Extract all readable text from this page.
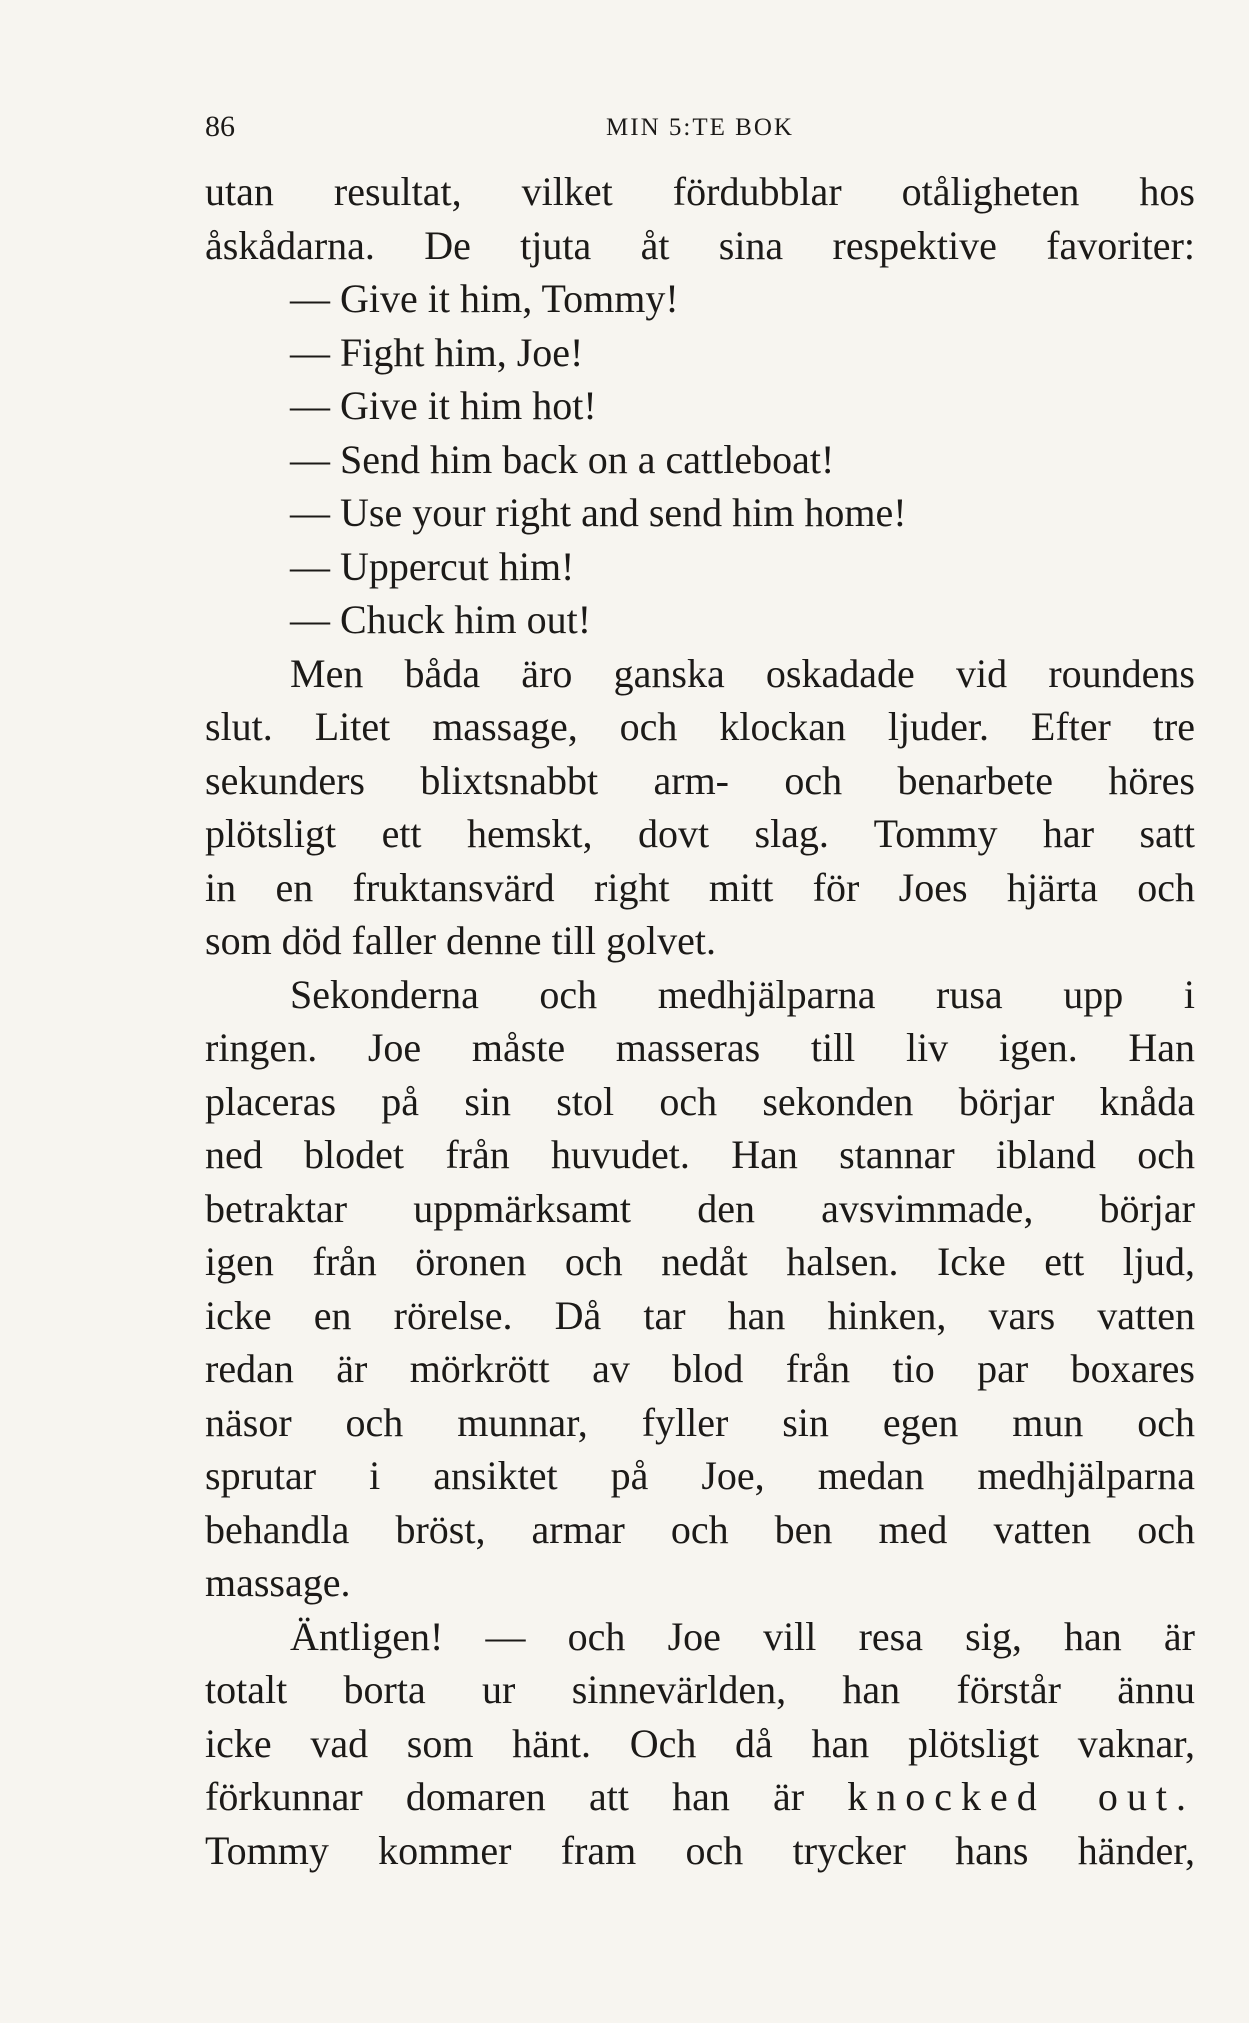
86	MIN 5:TE BOK
utan resultat, vilket fördubblar otåligheten hos
åskådarna. De tjuta åt sina respektive favoriter:
— Give it him, Tommy!
— Fight him, Joe!
— Give it him hot!
— Send him back on a cattleboat!
— Use your right and send him home!
— Uppercut him!
— Chuck him out!
Men båda äro ganska oskadade vid roundens
slut. Litet massage, och klockan ljuder. Efter tre
sekunders blixtsnabbt arm- och benarbete höres
plötsligt ett hemskt, dovt slag. Tommy har satt
in en fruktansvärd right mitt för Joes hjärta och
som död faller denne till golvet.
Sekonderna och medhjälparna rusa upp i
ringen. Joe måste masseras till liv igen. Han
placeras på sin stol och sekonden börjar knåda
ned blodet från huvudet. Han stannar ibland och
betraktar uppmärksamt den avsvimmade, börjar
igen från öronen och nedåt halsen. Icke ett ljud,
icke en rörelse. Då tar han hinken, vars vatten
redan är mörkrött av blod från tio par boxares
näsor och munnar, fyller sin egen mun och
sprutar i ansiktet på Joe, medan medhjälparna
behandla bröst, armar och ben med vatten och
massage.
Äntligen! — och Joe vill resa sig, han är
totalt borta ur sinnevärlden, han förstår ännu
icke vad som hänt. Och då han plötsligt vaknar,
förkunnar domaren att han är knocked out.
Tommy kommer fram och trycker hans händer,
